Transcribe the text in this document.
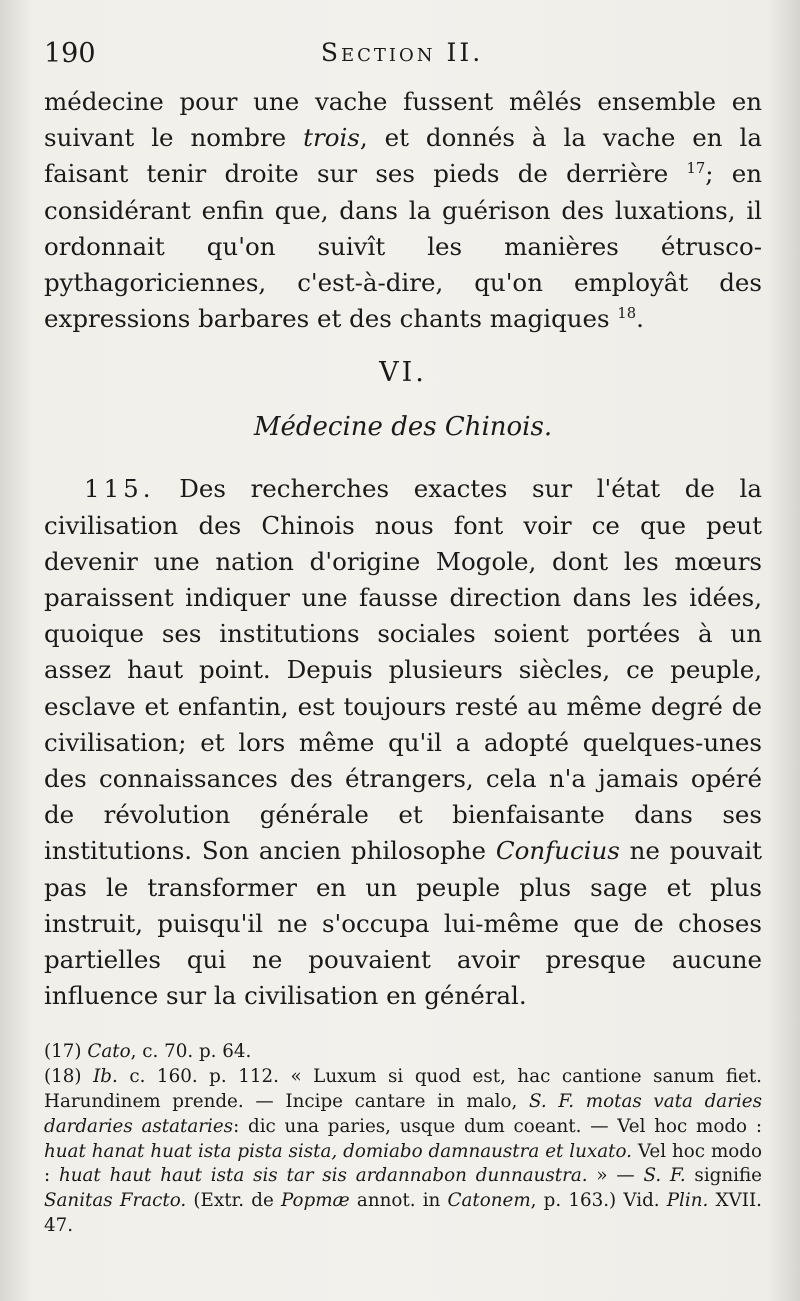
190	Section II.

médecine pour une vache fussent mêlés ensemble en suivant le nombre trois, et donnés à la vache en la faisant tenir droite sur ses pieds de derrière $^{17}$; en considérant enfin que, dans la guérison des luxations, il ordonnait qu'on suivît les manières étrusco-pythagoriciennes, c'est-à-dire, qu'on employât des expressions barbares et des chants magiques $^{18}$.

VI.
Médecine des Chinois.

115. Des recherches exactes sur l'état de la civilisation des Chinois nous font voir ce que peut devenir une nation d'origine Mogole, dont les mœurs paraissent indiquer une fausse direction dans les idées, quoique ses institutions sociales soient portées à un assez haut point. Depuis plusieurs siècles, ce peuple, esclave et enfantin, est toujours resté au même degré de civilisation; et lors même qu'il a adopté quelques-unes des connaissances des étrangers, cela n'a jamais opéré de révolution générale et bienfaisante dans ses institutions. Son ancien philosophe Confucius ne pouvait pas le transformer en un peuple plus sage et plus instruit, puisqu'il ne s'occupa lui-même que de choses partielles qui ne pouvaient avoir presque aucune influence sur la civilisation en général.

(17) Cato, c. 70. p. 64.

(18) Ib. c. 160. p. 112. « Luxum si quod est, hac cantione sanum fiet. Harundinem prende. — Incipe cantare in malo, S. F. motas vata daries dardaries astataries: dic una paries, usque dum coeant. — Vel hoc modo : huat hanat huat ista pista sista, domiabo damnaustra et luxato. Vel hoc modo : huat haut haut ista sis tar sis ardannabon dunnaustra. » — S. F. signifie Sanitas Fracto. (Extr. de Popmæ annot. in Catonem, p. 163.) Vid. Plin. XVII. 47.
